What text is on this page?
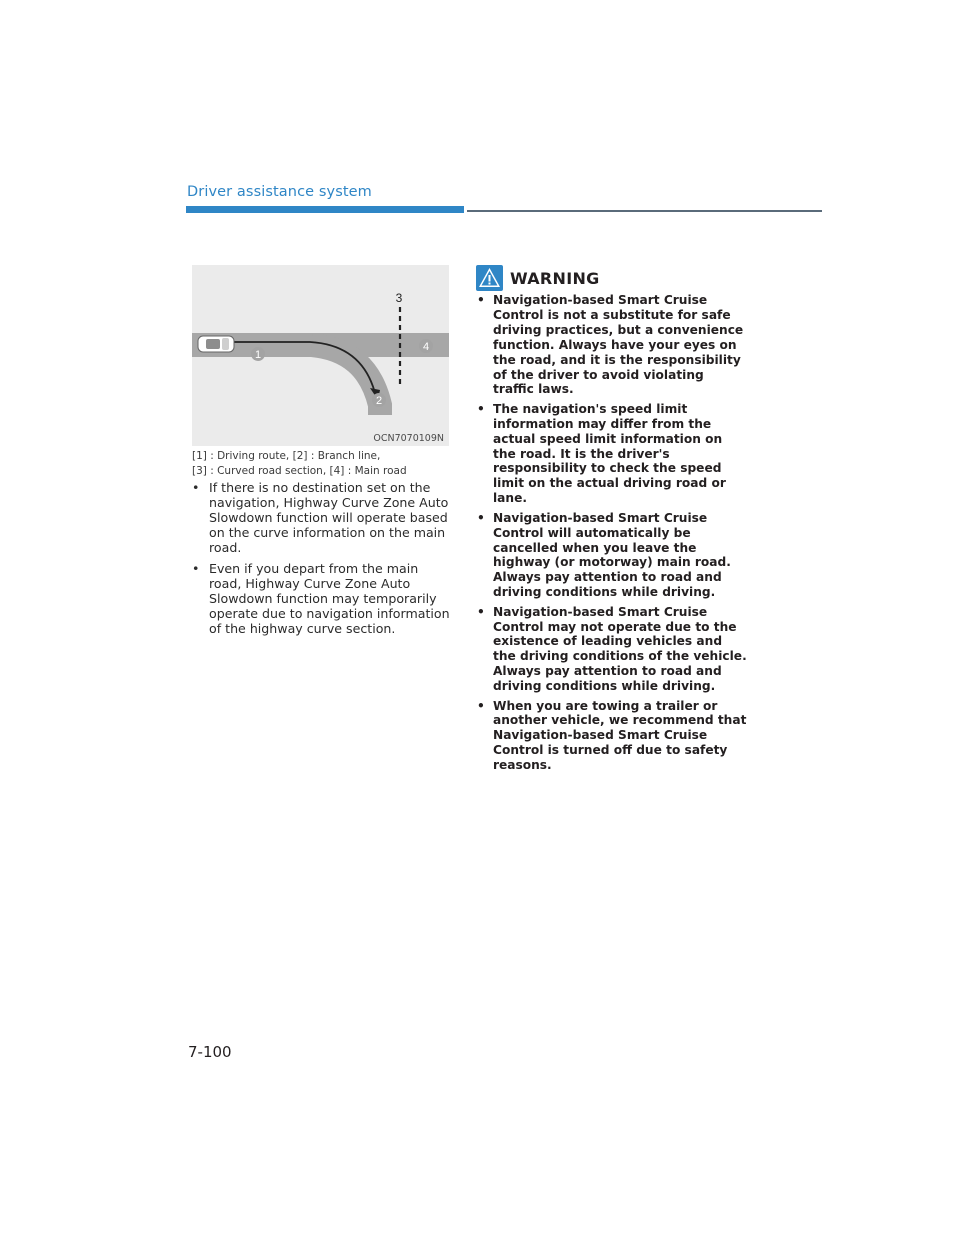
Driver assistance system
1
2
3
4
OCN7070109N
[1] : Driving route, [2] : Branch line,
[3] : Curved road section, [4] : Main road
• If there is no destination set on the navigation, Highway Curve Zone Auto Slowdown function will operate based on the curve information on the main road.
• Even if you depart from the main road, Highway Curve Zone Auto Slowdown function may temporarily operate due to navigation information of the highway curve section.
WARNING
• Navigation-based Smart Cruise Control is not a substitute for safe driving practices, but a convenience function. Always have your eyes on the road, and it is the responsibility of the driver to avoid violating traffic laws.
• The navigation's speed limit information may differ from the actual speed limit information on the road. It is the driver's responsibility to check the speed limit on the actual driving road or lane.
• Navigation-based Smart Cruise Control will automatically be cancelled when you leave the highway (or motorway) main road. Always pay attention to road and driving conditions while driving.
• Navigation-based Smart Cruise Control may not operate due to the existence of leading vehicles and the driving conditions of the vehicle. Always pay attention to road and driving conditions while driving.
• When you are towing a trailer or another vehicle, we recommend that Navigation-based Smart Cruise Control is turned off due to safety reasons.
7-100
